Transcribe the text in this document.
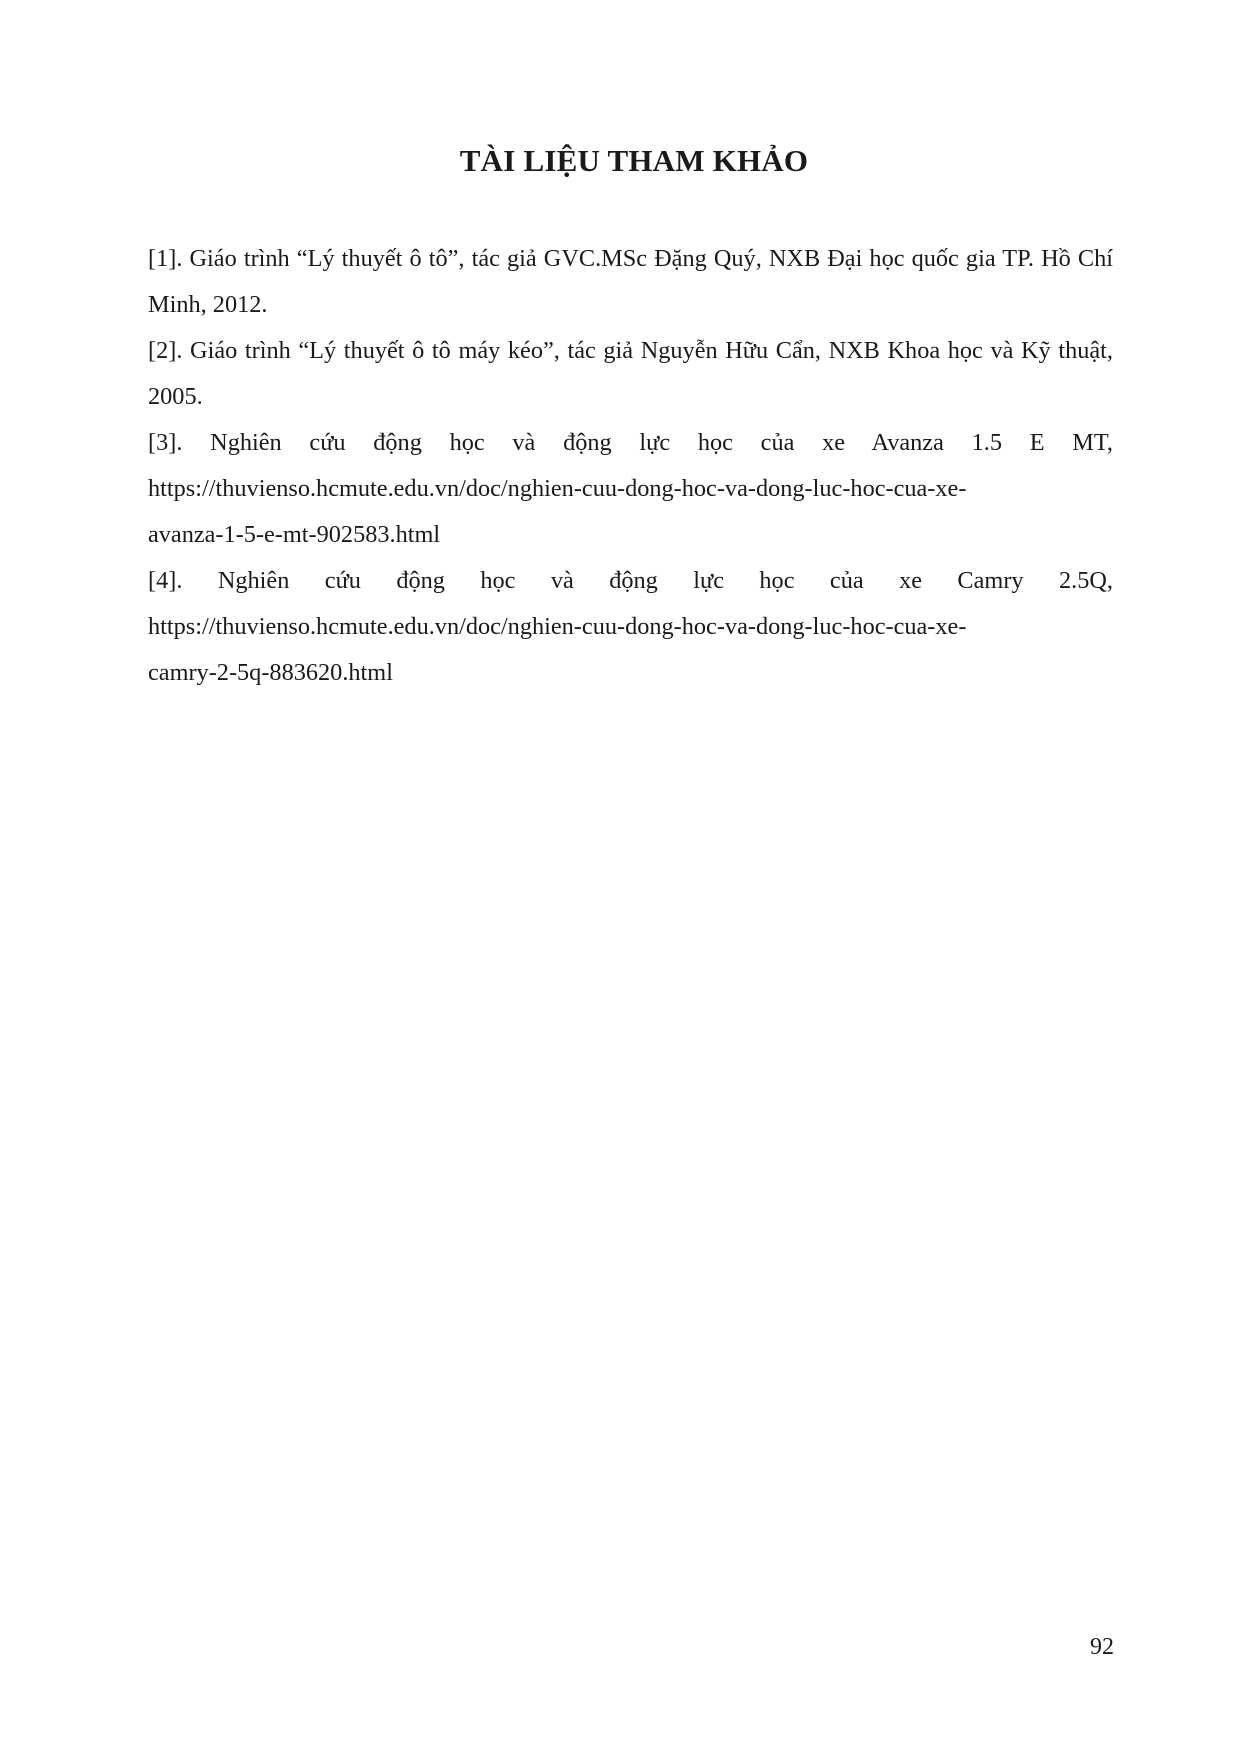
TÀI LIỆU THAM KHẢO

[1]. Giáo trình “Lý thuyết ô tô”, tác giả GVC.MSc Đặng Quý, NXB Đại học quốc gia TP. Hồ Chí Minh, 2012.

[2]. Giáo trình “Lý thuyết ô tô máy kéo”, tác giả Nguyễn Hữu Cẩn, NXB Khoa học và Kỹ thuật, 2005.

[3]. Nghiên cứu động học và động lực học của xe Avanza 1.5 E MT,
https://thuvienso.hcmute.edu.vn/doc/nghien-cuu-dong-hoc-va-dong-luc-hoc-cua-xe-
avanza-1-5-e-mt-902583.html
[4]. Nghiên cứu động học và động lực học của xe Camry 2.5Q,
https://thuvienso.hcmute.edu.vn/doc/nghien-cuu-dong-hoc-va-dong-luc-hoc-cua-xe-
camry-2-5q-883620.html
92
